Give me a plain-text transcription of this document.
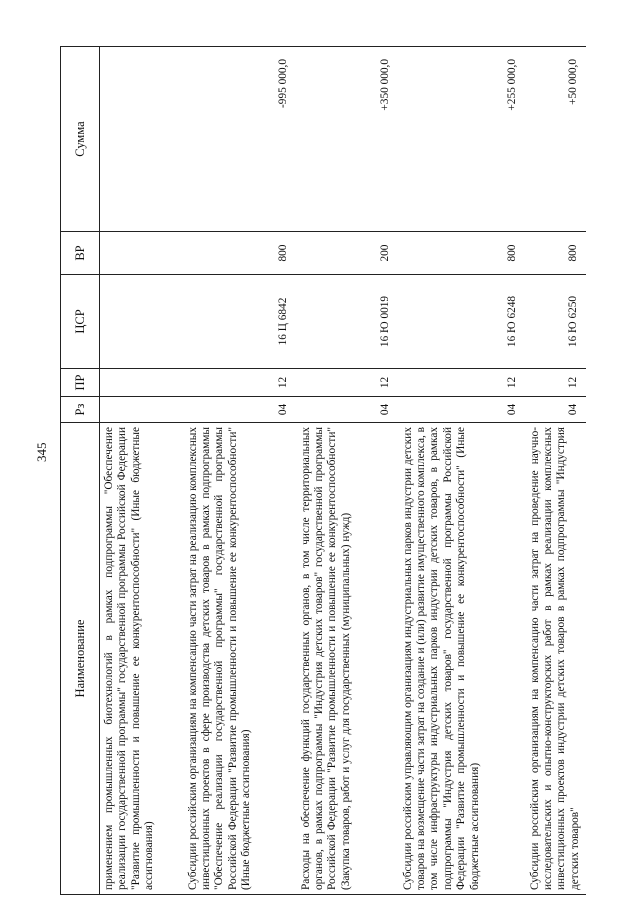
345
Наименование	Рз	ПР	ЦСР	ВР	Сумма
применением промышленных биотехнологий в рамках подпрограммы "Обеспечение реализации государственной программы" государственной программы Российской Федерации "Развитие промышленности и повышение ее конкурентоспособности" (Иные бюджетные ассигнования)					
Субсидии российским организациям на компенсацию части затрат на реализацию комплексных инвестиционных проектов в сфере производства детских товаров в рамках подпрограммы "Обеспечение реализации государственной программы" государственной программы Российской Федерации "Развитие промышленности и повышение ее конкурентоспособности" (Иные бюджетные ассигнования)	04	12	16 Ц 6842	800	-995 000,0
Расходы на обеспечение функций государственных органов, в том числе территориальных органов, в рамках подпрограммы "Индустрия детских товаров" государственной программы Российской Федерации "Развитие промышленности и повышение ее конкурентоспособности" (Закупка товаров, работ и услуг для государственных (муниципальных) нужд)	04	12	16 Ю 0019	200	+350 000,0
Субсидии российским управляющим организациям индустриальных парков индустрии детских товаров на возмещение части затрат на создание и (или) развитие имущественного комплекса, в том числе инфраструктуры индустриальных парков индустрии детских товаров, в рамках подпрограммы "Индустрия детских товаров" государственной программы Российской Федерации "Развитие промышленности и повышение ее конкурентоспособности" (Иные бюджетные ассигнования)	04	12	16 Ю 6248	800	+255 000,0
Субсидии российским организациям на компенсацию части затрат на проведение научно-исследовательских и опытно-конструкторских работ в рамках реализации комплексных инвестиционных проектов индустрии детских товаров в рамках подпрограммы "Индустрия детских товаров"	04	12	16 Ю 6250	800	+50 000,0
